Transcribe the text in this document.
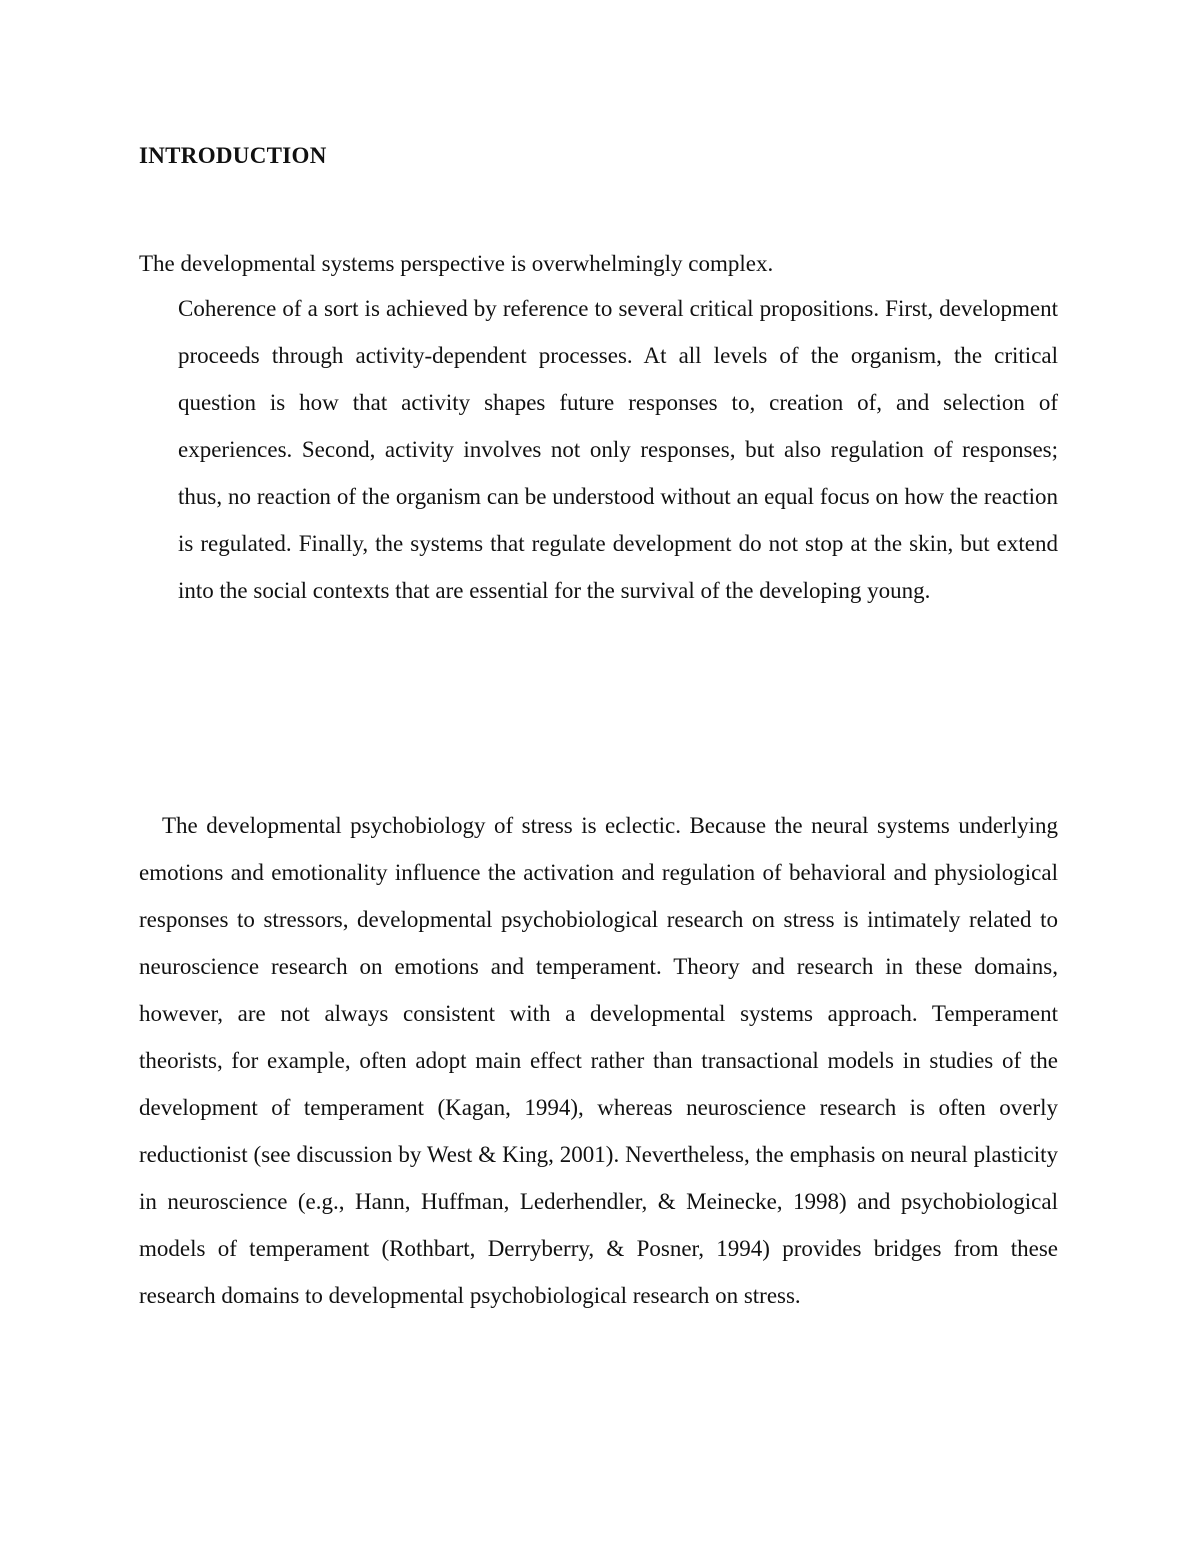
INTRODUCTION

The developmental systems perspective is overwhelmingly complex.

Coherence of a sort is achieved by reference to several critical propositions. First, development proceeds through activity-dependent processes. At all levels of the organism, the critical question is how that activity shapes future responses to, creation of, and selection of experiences. Second, activity involves not only responses, but also regulation of responses; thus, no reaction of the organism can be understood without an equal focus on how the reaction is regulated. Finally, the systems that regulate development do not stop at the skin, but extend into the social contexts that are essential for the survival of the developing young.

The developmental psychobiology of stress is eclectic. Because the neural systems underlying emotions and emotionality influence the activation and regulation of behavioral and physiological responses to stressors, developmental psychobiological research on stress is intimately related to neuroscience research on emotions and temperament. Theory and research in these domains, however, are not always consistent with a developmental systems approach. Temperament theorists, for example, often adopt main effect rather than transactional models in studies of the development of temperament (Kagan, 1994), whereas neuroscience research is often overly reductionist (see discussion by West & King, 2001). Nevertheless, the emphasis on neural plasticity in neuroscience (e.g., Hann, Huffman, Lederhendler, & Meinecke, 1998) and psychobiological models of temperament (Rothbart, Derryberry, & Posner, 1994) provides bridges from these research domains to developmental psychobiological research on stress.
